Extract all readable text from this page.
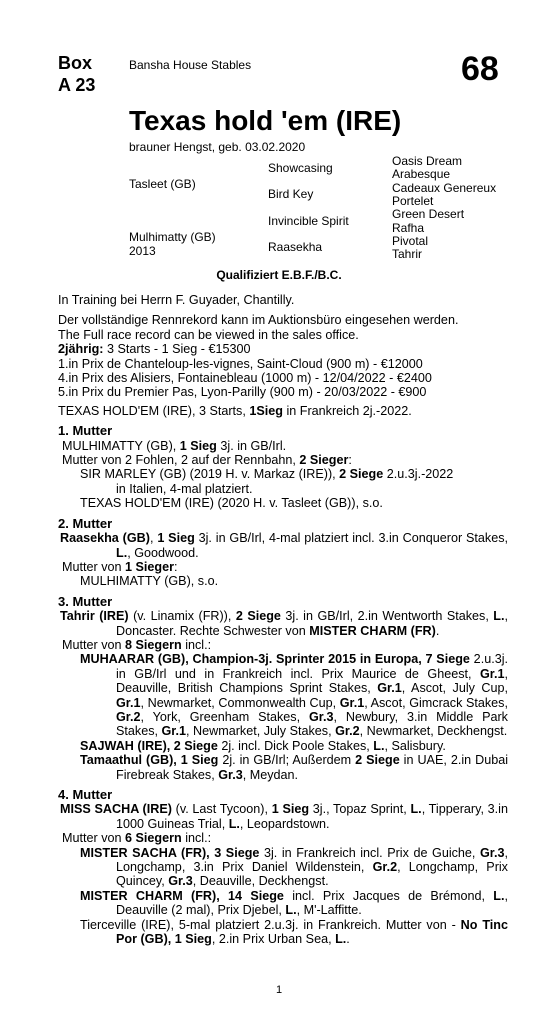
Box
A 23
Bansha House Stables	68
Texas hold 'em (IRE)
brauner Hengst, geb. 03.02.2020
Tasleet (GB)
Mulhimatty (GB)
2013
Showcasing
Bird Key
Invincible Spirit
Raasekha
Oasis Dream
Arabesque
Cadeaux Genereux
Portelet
Green Desert
Rafha
Pivotal
Tahrir
Qualifiziert E.B.F./B.C.

In Training bei Herrn F. Guyader, Chantilly.

Der vollständige Rennrekord kann im Auktionsbüro eingesehen werden.

The Full race record can be viewed in the sales office.

2jährig: 3 Starts - 1 Sieg - €15300

1.in Prix de Chanteloup-les-vignes, Saint-Cloud (900 m) - €12000

4.in Prix des Alisiers, Fontainebleau (1000 m) - 12/04/2022 - €2400

5.in Prix du Premier Pas, Lyon-Parilly (900 m) - 20/03/2022 - €900

TEXAS HOLD'EM (IRE), 3 Starts, 1Sieg in Frankreich 2j.-2022.

1. Mutter

MULHIMATTY (GB), 1 Sieg 3j. in GB/Irl.

Mutter von 2 Fohlen, 2 auf der Rennbahn, 2 Sieger:

SIR MARLEY (GB) (2019 H. v. Markaz (IRE)), 2 Siege 2.u.3j.-2022

in Italien, 4-mal platziert.

TEXAS HOLD'EM (IRE) (2020 H. v. Tasleet (GB)), s.o.

2. Mutter

Raasekha (GB), 1 Sieg 3j. in GB/Irl, 4-mal platziert incl. 3.in Conqueror Stakes, L., Goodwood.

Mutter von 1 Sieger:

MULHIMATTY (GB), s.o.

3. Mutter

Tahrir (IRE) (v. Linamix (FR)), 2 Siege 3j. in GB/Irl, 2.in Wentworth Stakes, L., Doncaster. Rechte Schwester von MISTER CHARM (FR).

Mutter von 8 Siegern incl.:

MUHAARAR (GB), Champion-3j. Sprinter 2015 in Europa, 7 Siege 2.u.3j. in GB/Irl und in Frankreich incl. Prix Maurice de Gheest, Gr.1, Deauville, British Champions Sprint Stakes, Gr.1, Ascot, July Cup, Gr.1, Newmarket, Commonwealth Cup, Gr.1, Ascot, Gimcrack Stakes, Gr.2, York, Greenham Stakes, Gr.3, Newbury, 3.in Middle Park Stakes, Gr.1, Newmarket, July Stakes, Gr.2, Newmarket, Deckhengst.

SAJWAH (IRE), 2 Siege 2j. incl. Dick Poole Stakes, L., Salisbury.

Tamaathul (GB), 1 Sieg 2j. in GB/Irl; Außerdem 2 Siege in UAE, 2.in Dubai Firebreak Stakes, Gr.3, Meydan.

4. Mutter

MISS SACHA (IRE) (v. Last Tycoon), 1 Sieg 3j., Topaz Sprint, L., Tipperary, 3.in 1000 Guineas Trial, L., Leopardstown.

Mutter von 6 Siegern incl.:

MISTER SACHA (FR), 3 Siege 3j. in Frankreich incl. Prix de Guiche, Gr.3, Longchamp, 3.in Prix Daniel Wildenstein, Gr.2, Longchamp, Prix Quincey, Gr.3, Deauville, Deckhengst.

MISTER CHARM (FR), 14 Siege incl. Prix Jacques de Brémond, L., Deauville (2 mal), Prix Djebel, L., M'-Laffitte.

Tierceville (IRE), 5-mal platziert 2.u.3j. in Frankreich. Mutter von - No Tinc Por (GB), 1 Sieg, 2.in Prix Urban Sea, L..

1
